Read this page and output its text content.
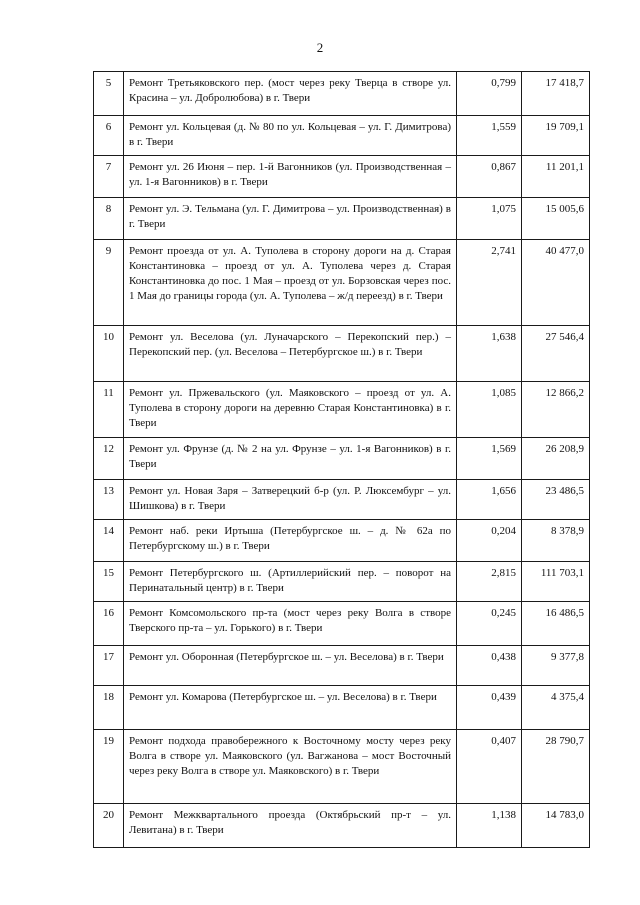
2
5	Ремонт Третьяковского пер. (мост через реку Тверца в створе ул. Красина – ул. Добролюбова) в г. Твери	0,799	17 418,7
6	Ремонт ул. Кольцевая (д. № 80 по ул. Кольцевая – ул. Г. Димитрова) в г. Твери	1,559	19 709,1
7	Ремонт ул. 26 Июня – пер. 1-й Вагонников (ул. Производственная – ул. 1-я Вагонников) в г. Твери	0,867	11 201,1
8	Ремонт ул. Э. Тельмана (ул. Г. Димитрова – ул. Производственная) в г. Твери	1,075	15 005,6
9	Ремонт проезда от ул. А. Туполева в сторону дороги на д. Старая Константиновка – проезд от ул. А. Туполева через д. Старая Константиновка до пос. 1 Мая – проезд от ул. Борзовская через пос. 1 Мая до границы города (ул. А. Туполева – ж/д переезд) в г. Твери	2,741	40 477,0
10	Ремонт ул. Веселова (ул. Луначарского – Перекопский пер.) – Перекопский пер. (ул. Веселова – Петербургское ш.) в г. Твери	1,638	27 546,4
11	Ремонт ул. Пржевальского (ул. Маяковского – проезд от ул. А. Туполева в сторону дороги на деревню Старая Константиновка) в г. Твери	1,085	12 866,2
12	Ремонт ул. Фрунзе (д. № 2 на ул. Фрунзе – ул. 1-я Вагонников) в г. Твери	1,569	26 208,9
13	Ремонт ул. Новая Заря – Затверецкий б-р (ул. Р. Люксембург – ул. Шишкова) в г. Твери	1,656	23 486,5
14	Ремонт наб. реки Иртыша (Петербургское ш. – д. № 62а по Петербургскому ш.) в г. Твери	0,204	8 378,9
15	Ремонт Петербургского ш. (Артиллерийский пер. – поворот на Перинатальный центр) в г. Твери	2,815	111 703,1
16	Ремонт Комсомольского пр-та (мост через реку Волга в створе Тверского пр-та – ул. Горького) в г. Твери	0,245	16 486,5
17	Ремонт ул. Оборонная (Петербургское ш. – ул. Веселова) в г. Твери	0,438	9 377,8
18	Ремонт ул. Комарова (Петербургское ш. – ул. Веселова) в г. Твери	0,439	4 375,4
19	Ремонт подхода правобережного к Восточному мосту через реку Волга в створе ул. Маяковского (ул. Вагжанова – мост Восточный через реку Волга в створе ул. Маяковского) в г. Твери	0,407	28 790,7
20	Ремонт Межквартального проезда (Октябрьский пр-т – ул. Левитана) в г. Твери	1,138	14 783,0
